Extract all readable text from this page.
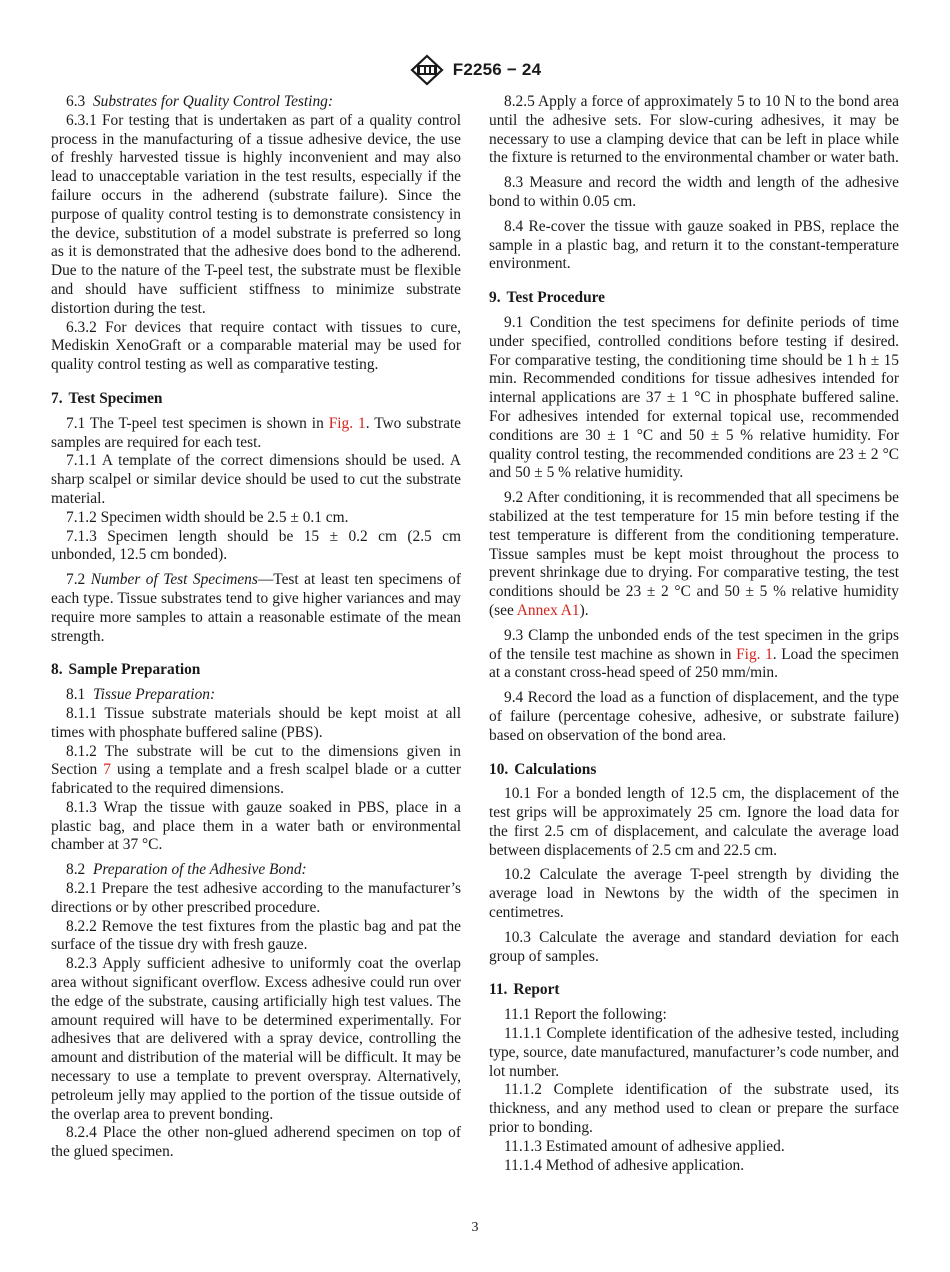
F2256 − 24

6.3 Substrates for Quality Control Testing:

6.3.1 For testing that is undertaken as part of a quality control process in the manufacturing of a tissue adhesive device, the use of freshly harvested tissue is highly inconvenient and may also lead to unacceptable variation in the test results, especially if the failure occurs in the adherend (substrate failure). Since the purpose of quality control testing is to demonstrate consistency in the device, substitution of a model substrate is preferred so long as it is demonstrated that the adhesive does bond to the adherend. Due to the nature of the T-peel test, the substrate must be flexible and should have sufficient stiffness to minimize substrate distortion during the test.

6.3.2 For devices that require contact with tissues to cure, Mediskin XenoGraft or a comparable material may be used for quality control testing as well as comparative testing.

7. Test Specimen

7.1 The T-peel test specimen is shown in Fig. 1. Two substrate samples are required for each test.

7.1.1 A template of the correct dimensions should be used. A sharp scalpel or similar device should be used to cut the substrate material.

7.1.2 Specimen width should be 2.5 ± 0.1 cm.

7.1.3 Specimen length should be 15 ± 0.2 cm (2.5 cm unbonded, 12.5 cm bonded).

7.2 Number of Test Specimens—Test at least ten specimens of each type. Tissue substrates tend to give higher variances and may require more samples to attain a reasonable estimate of the mean strength.

8. Sample Preparation

8.1 Tissue Preparation:

8.1.1 Tissue substrate materials should be kept moist at all times with phosphate buffered saline (PBS).

8.1.2 The substrate will be cut to the dimensions given in Section 7 using a template and a fresh scalpel blade or a cutter fabricated to the required dimensions.

8.1.3 Wrap the tissue with gauze soaked in PBS, place in a plastic bag, and place them in a water bath or environmental chamber at 37 °C.

8.2 Preparation of the Adhesive Bond:

8.2.1 Prepare the test adhesive according to the manufacturer’s directions or by other prescribed procedure.

8.2.2 Remove the test fixtures from the plastic bag and pat the surface of the tissue dry with fresh gauze.

8.2.3 Apply sufficient adhesive to uniformly coat the overlap area without significant overflow. Excess adhesive could run over the edge of the substrate, causing artificially high test values. The amount required will have to be determined experimentally. For adhesives that are delivered with a spray device, controlling the amount and distribution of the material will be difficult. It may be necessary to use a template to prevent overspray. Alternatively, petroleum jelly may applied to the portion of the tissue outside of the overlap area to prevent bonding.

8.2.4 Place the other non-glued adherend specimen on top of the glued specimen.

8.2.5 Apply a force of approximately 5 to 10 N to the bond area until the adhesive sets. For slow-curing adhesives, it may be necessary to use a clamping device that can be left in place while the fixture is returned to the environmental chamber or water bath.

8.3 Measure and record the width and length of the adhesive bond to within 0.05 cm.

8.4 Re-cover the tissue with gauze soaked in PBS, replace the sample in a plastic bag, and return it to the constant-temperature environment.

9. Test Procedure

9.1 Condition the test specimens for definite periods of time under specified, controlled conditions before testing if desired. For comparative testing, the conditioning time should be 1 h ± 15 min. Recommended conditions for tissue adhesives intended for internal applications are 37 ± 1 °C in phosphate buffered saline. For adhesives intended for external topical use, recommended conditions are 30 ± 1 °C and 50 ± 5 % relative humidity. For quality control testing, the recommended conditions are 23 ± 2 °C and 50 ± 5 % relative humidity.

9.2 After conditioning, it is recommended that all specimens be stabilized at the test temperature for 15 min before testing if the test temperature is different from the conditioning temperature. Tissue samples must be kept moist throughout the process to prevent shrinkage due to drying. For comparative testing, the test conditions should be 23 ± 2 °C and 50 ± 5 % relative humidity (see Annex A1).

9.3 Clamp the unbonded ends of the test specimen in the grips of the tensile test machine as shown in Fig. 1. Load the specimen at a constant cross-head speed of 250 mm/min.

9.4 Record the load as a function of displacement, and the type of failure (percentage cohesive, adhesive, or substrate failure) based on observation of the bond area.

10. Calculations

10.1 For a bonded length of 12.5 cm, the displacement of the test grips will be approximately 25 cm. Ignore the load data for the first 2.5 cm of displacement, and calculate the average load between displacements of 2.5 cm and 22.5 cm.

10.2 Calculate the average T-peel strength by dividing the average load in Newtons by the width of the specimen in centimetres.

10.3 Calculate the average and standard deviation for each group of samples.

11. Report

11.1 Report the following:

11.1.1 Complete identification of the adhesive tested, including type, source, date manufactured, manufacturer’s code number, and lot number.

11.1.2 Complete identification of the substrate used, its thickness, and any method used to clean or prepare the surface prior to bonding.

11.1.3 Estimated amount of adhesive applied.

11.1.4 Method of adhesive application.

3
